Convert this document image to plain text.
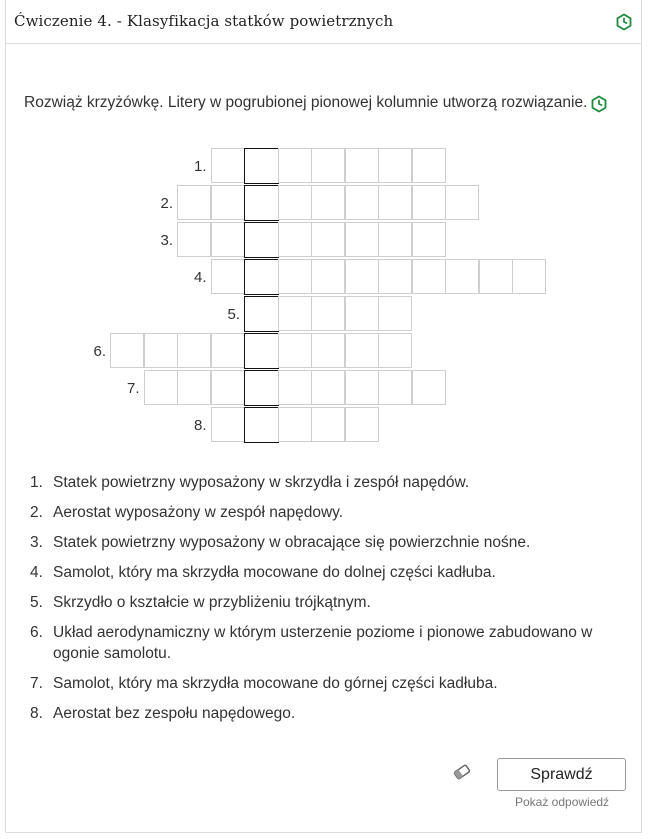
Ćwiczenie 4. - Klasyfikacja statków powietrznych
Rozwiąż krzyżówkę. Litery w pogrubionej pionowej kolumnie utworzą rozwiązanie.
1.
2.
3.
4.
5.
6.
7.
8.
1. Statek powietrzny wyposażony w skrzydła i zespół napędów.
2. Aerostat wyposażony w zespół napędowy.
3. Statek powietrzny wyposażony w obracające się powierzchnie nośne.
4. Samolot, który ma skrzydła mocowane do dolnej części kadłuba.
5. Skrzydło o kształcie w przybliżeniu trójkątnym.
6. Układ aerodynamiczny w którym usterzenie poziome i pionowe zabudowano w ogonie samolotu.
7. Samolot, który ma skrzydła mocowane do górnej części kadłuba.
8. Aerostat bez zespołu napędowego.
Sprawdź
Pokaż odpowiedź
